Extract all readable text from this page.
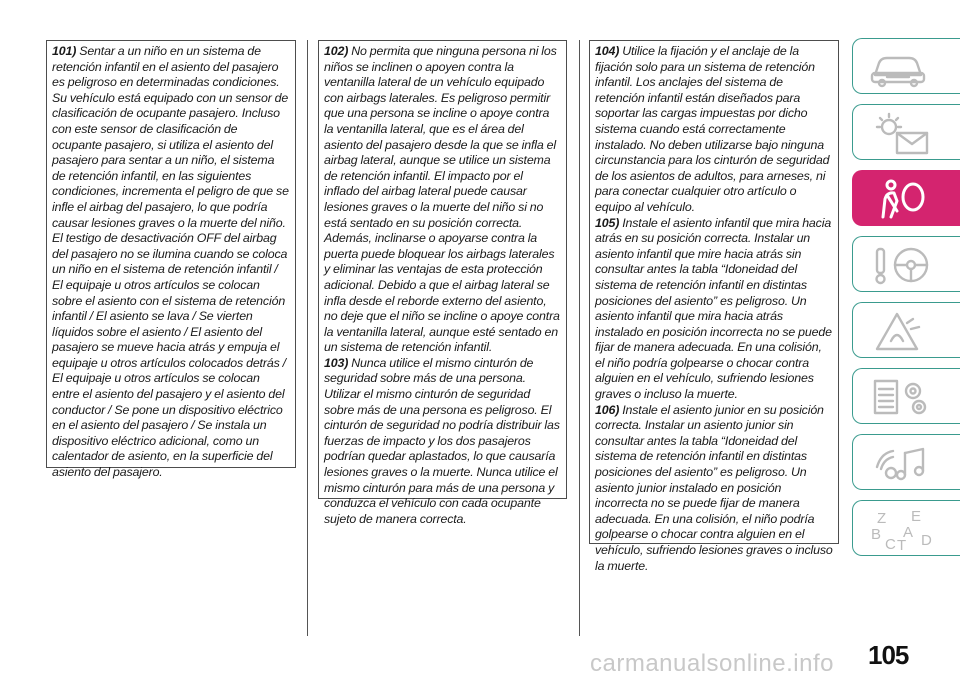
101) Sentar a un niño en un sistema de retención infantil en el asiento del pasajero es peligroso en determinadas condiciones. Su vehículo está equipado con un sensor de clasificación de ocupante pasajero. Incluso con este sensor de clasificación de ocupante pasajero, si utiliza el asiento del pasajero para sentar a un niño, el sistema de retención infantil, en las siguientes condiciones, incrementa el peligro de que se infle el airbag del pasajero, lo que podría causar lesiones graves o la muerte del niño. El testigo de desactivación OFF del airbag del pasajero no se ilumina cuando se coloca un niño en el sistema de retención infantil / El equipaje u otros artículos se colocan sobre el asiento con el sistema de retención infantil / El asiento se lava / Se vierten líquidos sobre el asiento / El asiento del pasajero se mueve hacia atrás y empuja el equipaje u otros artículos colocados detrás / El equipaje u otros artículos se colocan entre el asiento del pasajero y el asiento del conductor / Se pone un dispositivo eléctrico en el asiento del pasajero / Se instala un dispositivo eléctrico adicional, como un calentador de asiento, en la superficie del asiento del pasajero.

102) No permita que ninguna persona ni los niños se inclinen o apoyen contra la ventanilla lateral de un vehículo equipado con airbags laterales. Es peligroso permitir que una persona se incline o apoye contra la ventanilla lateral, que es el área del asiento del pasajero desde la que se infla el airbag lateral, aunque se utilice un sistema de retención infantil. El impacto por el inflado del airbag lateral puede causar lesiones graves o la muerte del niño si no está sentado en su posición correcta. Además, inclinarse o apoyarse contra la puerta puede bloquear los airbags laterales y eliminar las ventajas de esta protección adicional. Debido a que el airbag lateral se infla desde el reborde externo del asiento, no deje que el niño se incline o apoye contra la ventanilla lateral, aunque esté sentado en un sistema de retención infantil.

103) Nunca utilice el mismo cinturón de seguridad sobre más de una persona. Utilizar el mismo cinturón de seguridad sobre más de una persona es peligroso. El cinturón de seguridad no podría distribuir las fuerzas de impacto y los dos pasajeros podrían quedar aplastados, lo que causaría lesiones graves o la muerte. Nunca utilice el mismo cinturón para más de una persona y conduzca el vehículo con cada ocupante sujeto de manera correcta.

104) Utilice la fijación y el anclaje de la fijación solo para un sistema de retención infantil. Los anclajes del sistema de retención infantil están diseñados para soportar las cargas impuestas por dicho sistema cuando está correctamente instalado. No deben utilizarse bajo ninguna circunstancia para los cinturón de seguridad de los asientos de adultos, para arneses, ni para conectar cualquier otro artículo o equipo al vehículo.

105) Instale el asiento infantil que mira hacia atrás en su posición correcta. Instalar un asiento infantil que mire hacia atrás sin consultar antes la tabla “Idoneidad del sistema de retención infantil en distintas posiciones del asiento” es peligroso. Un asiento infantil que mira hacia atrás instalado en posición incorrecta no se puede fijar de manera adecuada. En una colisión, el niño podría golpearse o chocar contra alguien en el vehículo, sufriendo lesiones graves o incluso la muerte.

106) Instale el asiento junior en su posición correcta. Instalar un asiento junior sin consultar antes la tabla “Idoneidad del sistema de retención infantil en distintas posiciones del asiento” es peligroso. Un asiento junior instalado en posición incorrecta no se puede fijar de manera adecuada. En una colisión, el niño podría golpearse o chocar contra alguien en el vehículo, sufriendo lesiones graves o incluso la muerte.

Z E
B A
C T D
105
carmanualsonline.info
